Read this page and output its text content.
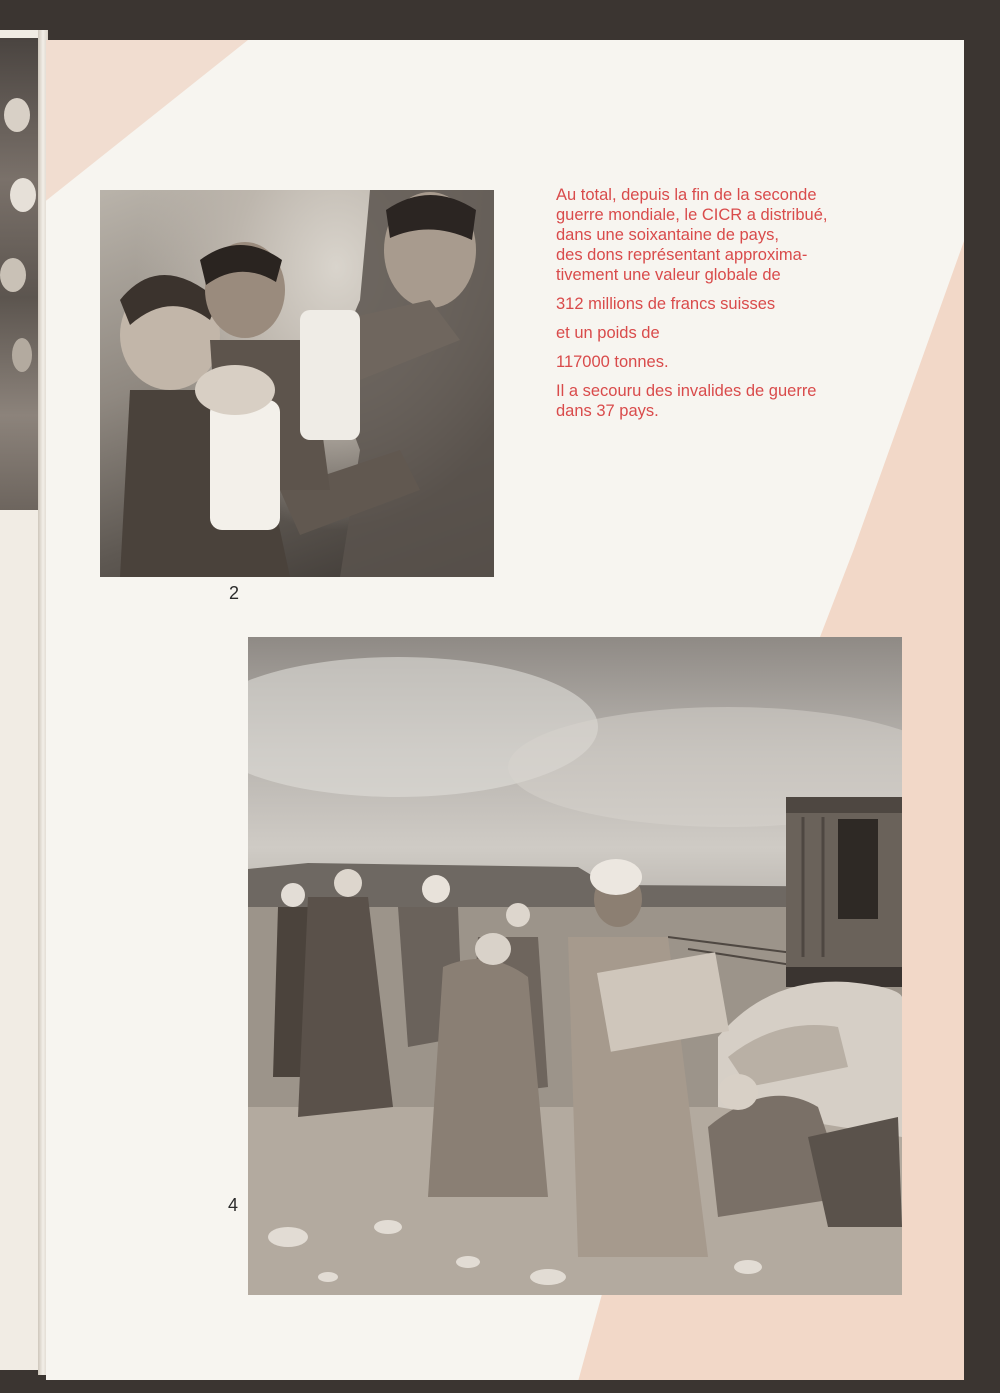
2

Au total, depuis la fin de la seconde
guerre mondiale, le CICR a distribué,
dans une soixantaine de pays,
des dons représentant approxima-
tivement une valeur globale de

312 millions de francs suisses

et un poids de

117000 tonnes.

Il a secouru des invalides de guerre
dans 37 pays.

4
